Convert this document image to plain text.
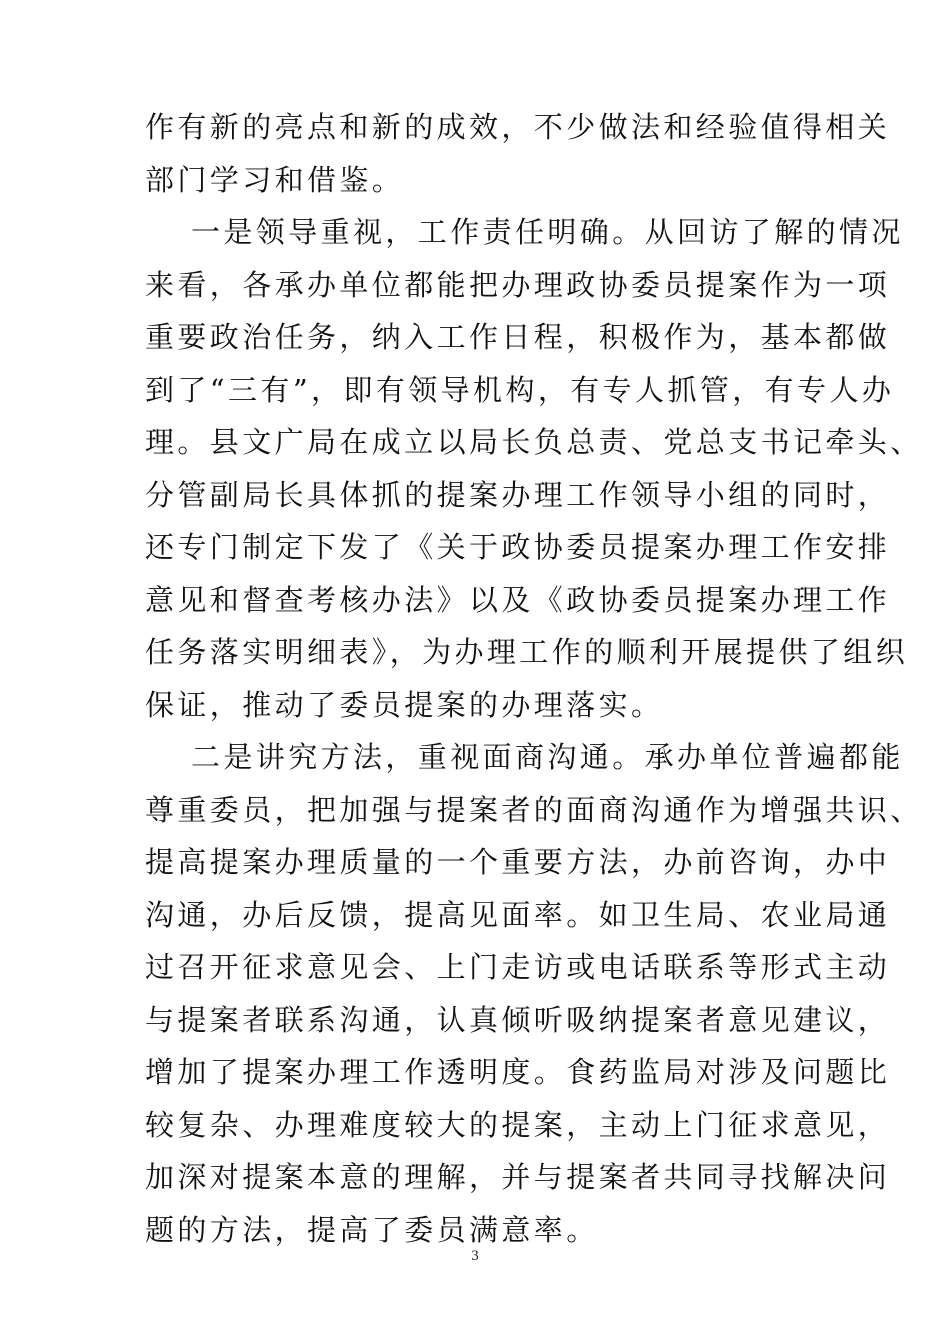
作有新的亮点和新的成效，不少做法和经验值得相关
部门学习和借鉴。
一是领导重视，工作责任明确。从回访了解的情况
来看，各承办单位都能把办理政协委员提案作为一项
重要政治任务，纳入工作日程，积极作为，基本都做
到了“三有”，即有领导机构，有专人抓管，有专人办
理。县文广局在成立以局长负总责、党总支书记牵头、
分管副局长具体抓的提案办理工作领导小组的同时，
还专门制定下发了《关于政协委员提案办理工作安排
意见和督查考核办法》以及《政协委员提案办理工作
任务落实明细表》，为办理工作的顺利开展提供了组织
保证，推动了委员提案的办理落实。
二是讲究方法，重视面商沟通。承办单位普遍都能
尊重委员，把加强与提案者的面商沟通作为增强共识、
提高提案办理质量的一个重要方法，办前咨询，办中
沟通，办后反馈，提高见面率。如卫生局、农业局通
过召开征求意见会、上门走访或电话联系等形式主动
与提案者联系沟通，认真倾听吸纳提案者意见建议，
增加了提案办理工作透明度。食药监局对涉及问题比
较复杂、办理难度较大的提案，主动上门征求意见，
加深对提案本意的理解，并与提案者共同寻找解决问
题的方法，提高了委员满意率。
3
